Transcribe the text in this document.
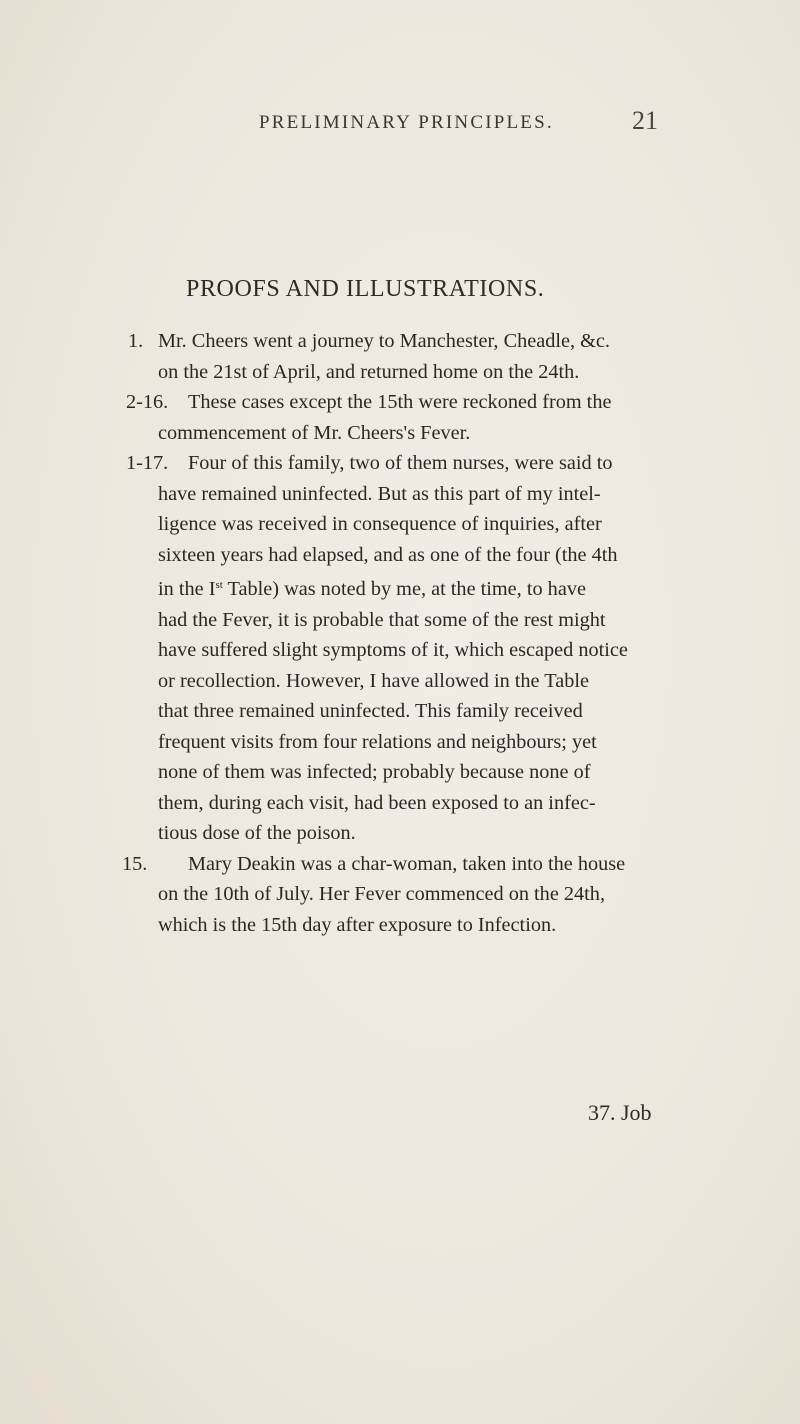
PRELIMINARY PRINCIPLES.	21
PROOFS AND ILLUSTRATIONS.
1. Mr. Cheers went a journey to Manchester, Cheadle, &c.
on the 21st of April, and returned home on the 24th.
2-16. These cases except the 15th were reckoned from the
commencement of Mr. Cheers's Fever.
1-17. Four of this family, two of them nurses, were said to
have remained uninfected. But as this part of my intel-
ligence was received in consequence of inquiries, after
sixteen years had elapsed, and as one of the four (the 4th
in the Ist Table) was noted by me, at the time, to have
had the Fever, it is probable that some of the rest might
have suffered slight symptoms of it, which escaped notice
or recollection. However, I have allowed in the Table
that three remained uninfected. This family received
frequent visits from four relations and neighbours; yet
none of them was infected; probably because none of
them, during each visit, had been exposed to an infec-
tious dose of the poison.
15.	Mary Deakin was a char-woman, taken into the house
on the 10th of July. Her Fever commenced on the 24th,
which is the 15th day after exposure to Infection.
37. Job
